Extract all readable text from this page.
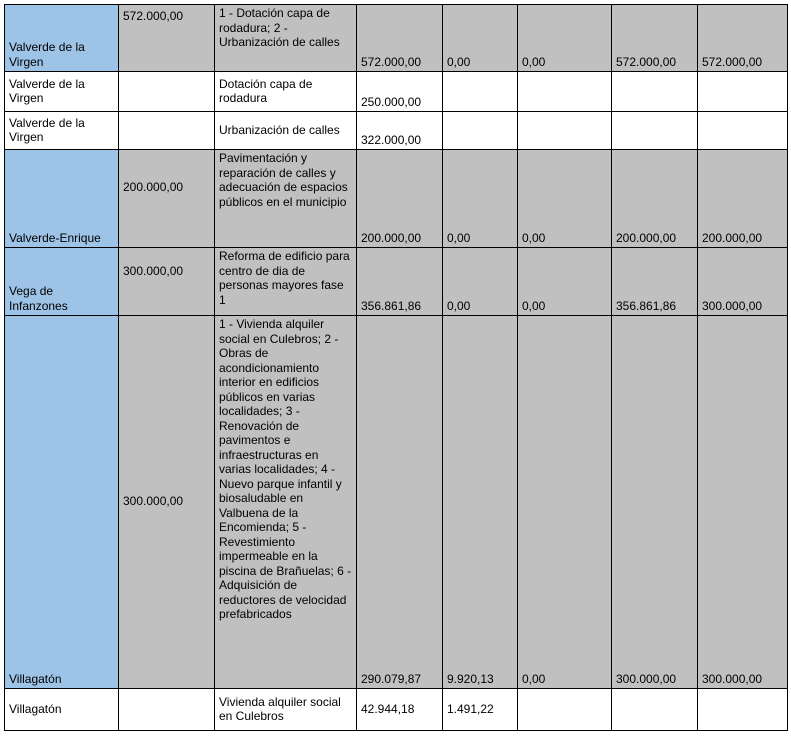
Valverde de la Virgen	572.000,00	1 - Dotación capa de rodadura; 2 - Urbanización de calles	572.000,00	0,00	0,00	572.000,00	572.000,00
Valverde de la Virgen		Dotación capa de rodadura	250.000,00				
Valverde de la Virgen		Urbanización de calles	322.000,00				
Valverde-Enrique	200.000,00	Pavimentación y reparación de calles y adecuación de espacios públicos en el municipio	200.000,00	0,00	0,00	200.000,00	200.000,00
Vega de Infanzones	300.000,00	Reforma de edificio para centro de dia de personas mayores fase 1	356.861,86	0,00	0,00	356.861,86	300.000,00
Villagatón	300.000,00	1 - Vivienda alquiler social en Culebros; 2 - Obras de acondicionamiento interior en edificios públicos en varias localidades; 3 - Renovación de pavimentos e infraestructuras en varias localidades; 4 - Nuevo parque infantil y biosaludable en Valbuena de la Encomienda; 5 - Revestimiento impermeable en la piscina de Brañuelas; 6 - Adquisición de reductores de velocidad prefabricados	290.079,87	9.920,13	0,00	300.000,00	300.000,00
Villagatón		Vivienda alquiler social en Culebros	42.944,18	1.491,22			
